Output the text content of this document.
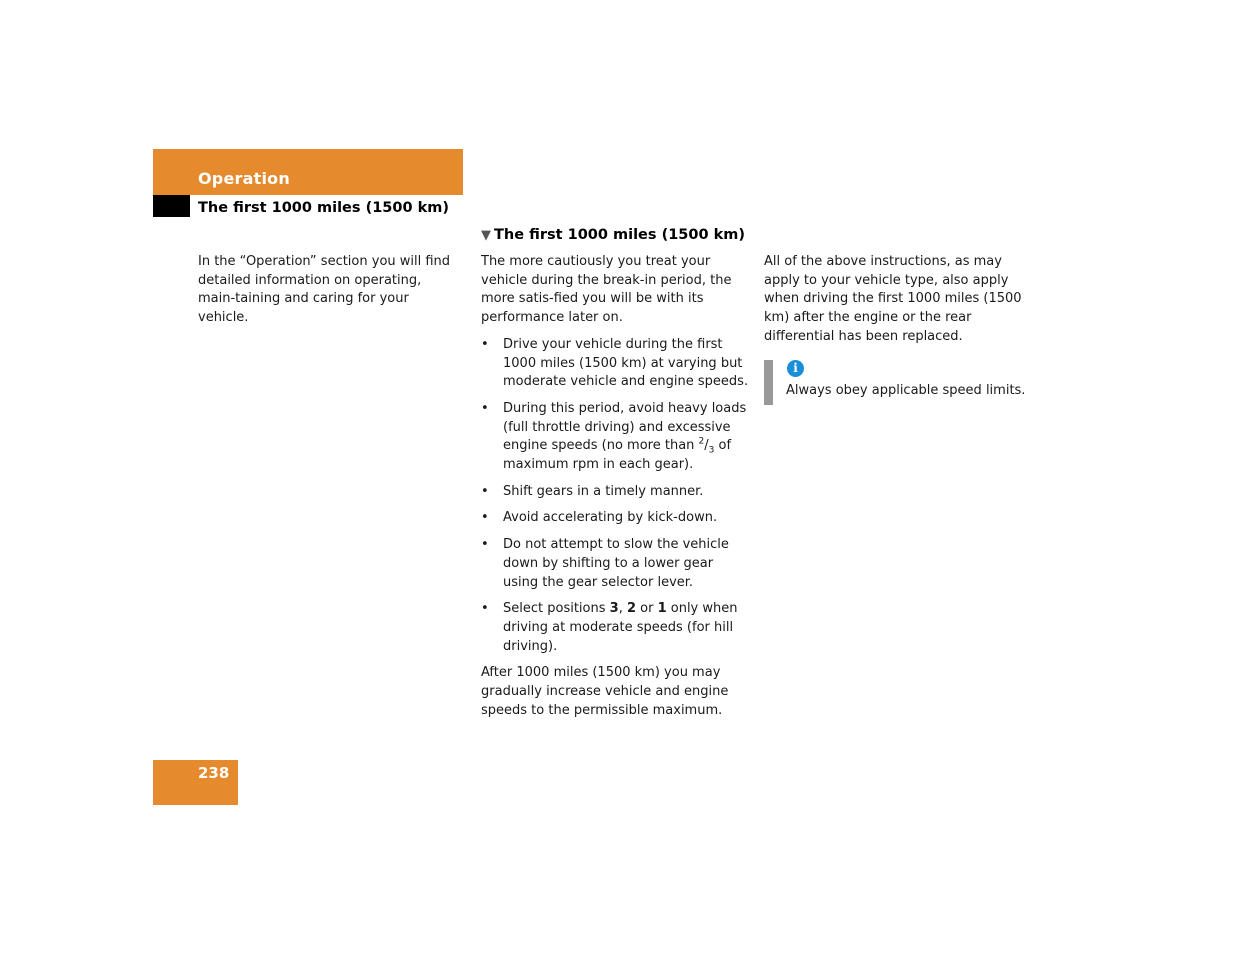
Operation
The first 1000 miles (1500 km)
In the “Operation” section you will find detailed information on operating, main-taining and caring for your vehicle.
▼ The first 1000 miles (1500 km)

The more cautiously you treat your vehicle during the break-in period, the more satis-fied you will be with its performance later on.

• Drive your vehicle during the first 1000 miles (1500 km) at varying but moderate vehicle and engine speeds.
• During this period, avoid heavy loads (full throttle driving) and excessive engine speeds (no more than $^2/_3$ of maximum rpm in each gear).
• Shift gears in a timely manner.
• Avoid accelerating by kick-down.
• Do not attempt to slow the vehicle down by shifting to a lower gear using the gear selector lever.
• Select positions 3, 2 or 1 only when driving at moderate speeds (for hill driving).

After 1000 miles (1500 km) you may gradually increase vehicle and engine speeds to the permissible maximum.

All of the above instructions, as may apply to your vehicle type, also apply when driving the first 1000 miles (1500 km) after the engine or the rear differential has been replaced.

i
Always obey applicable speed limits.
238
